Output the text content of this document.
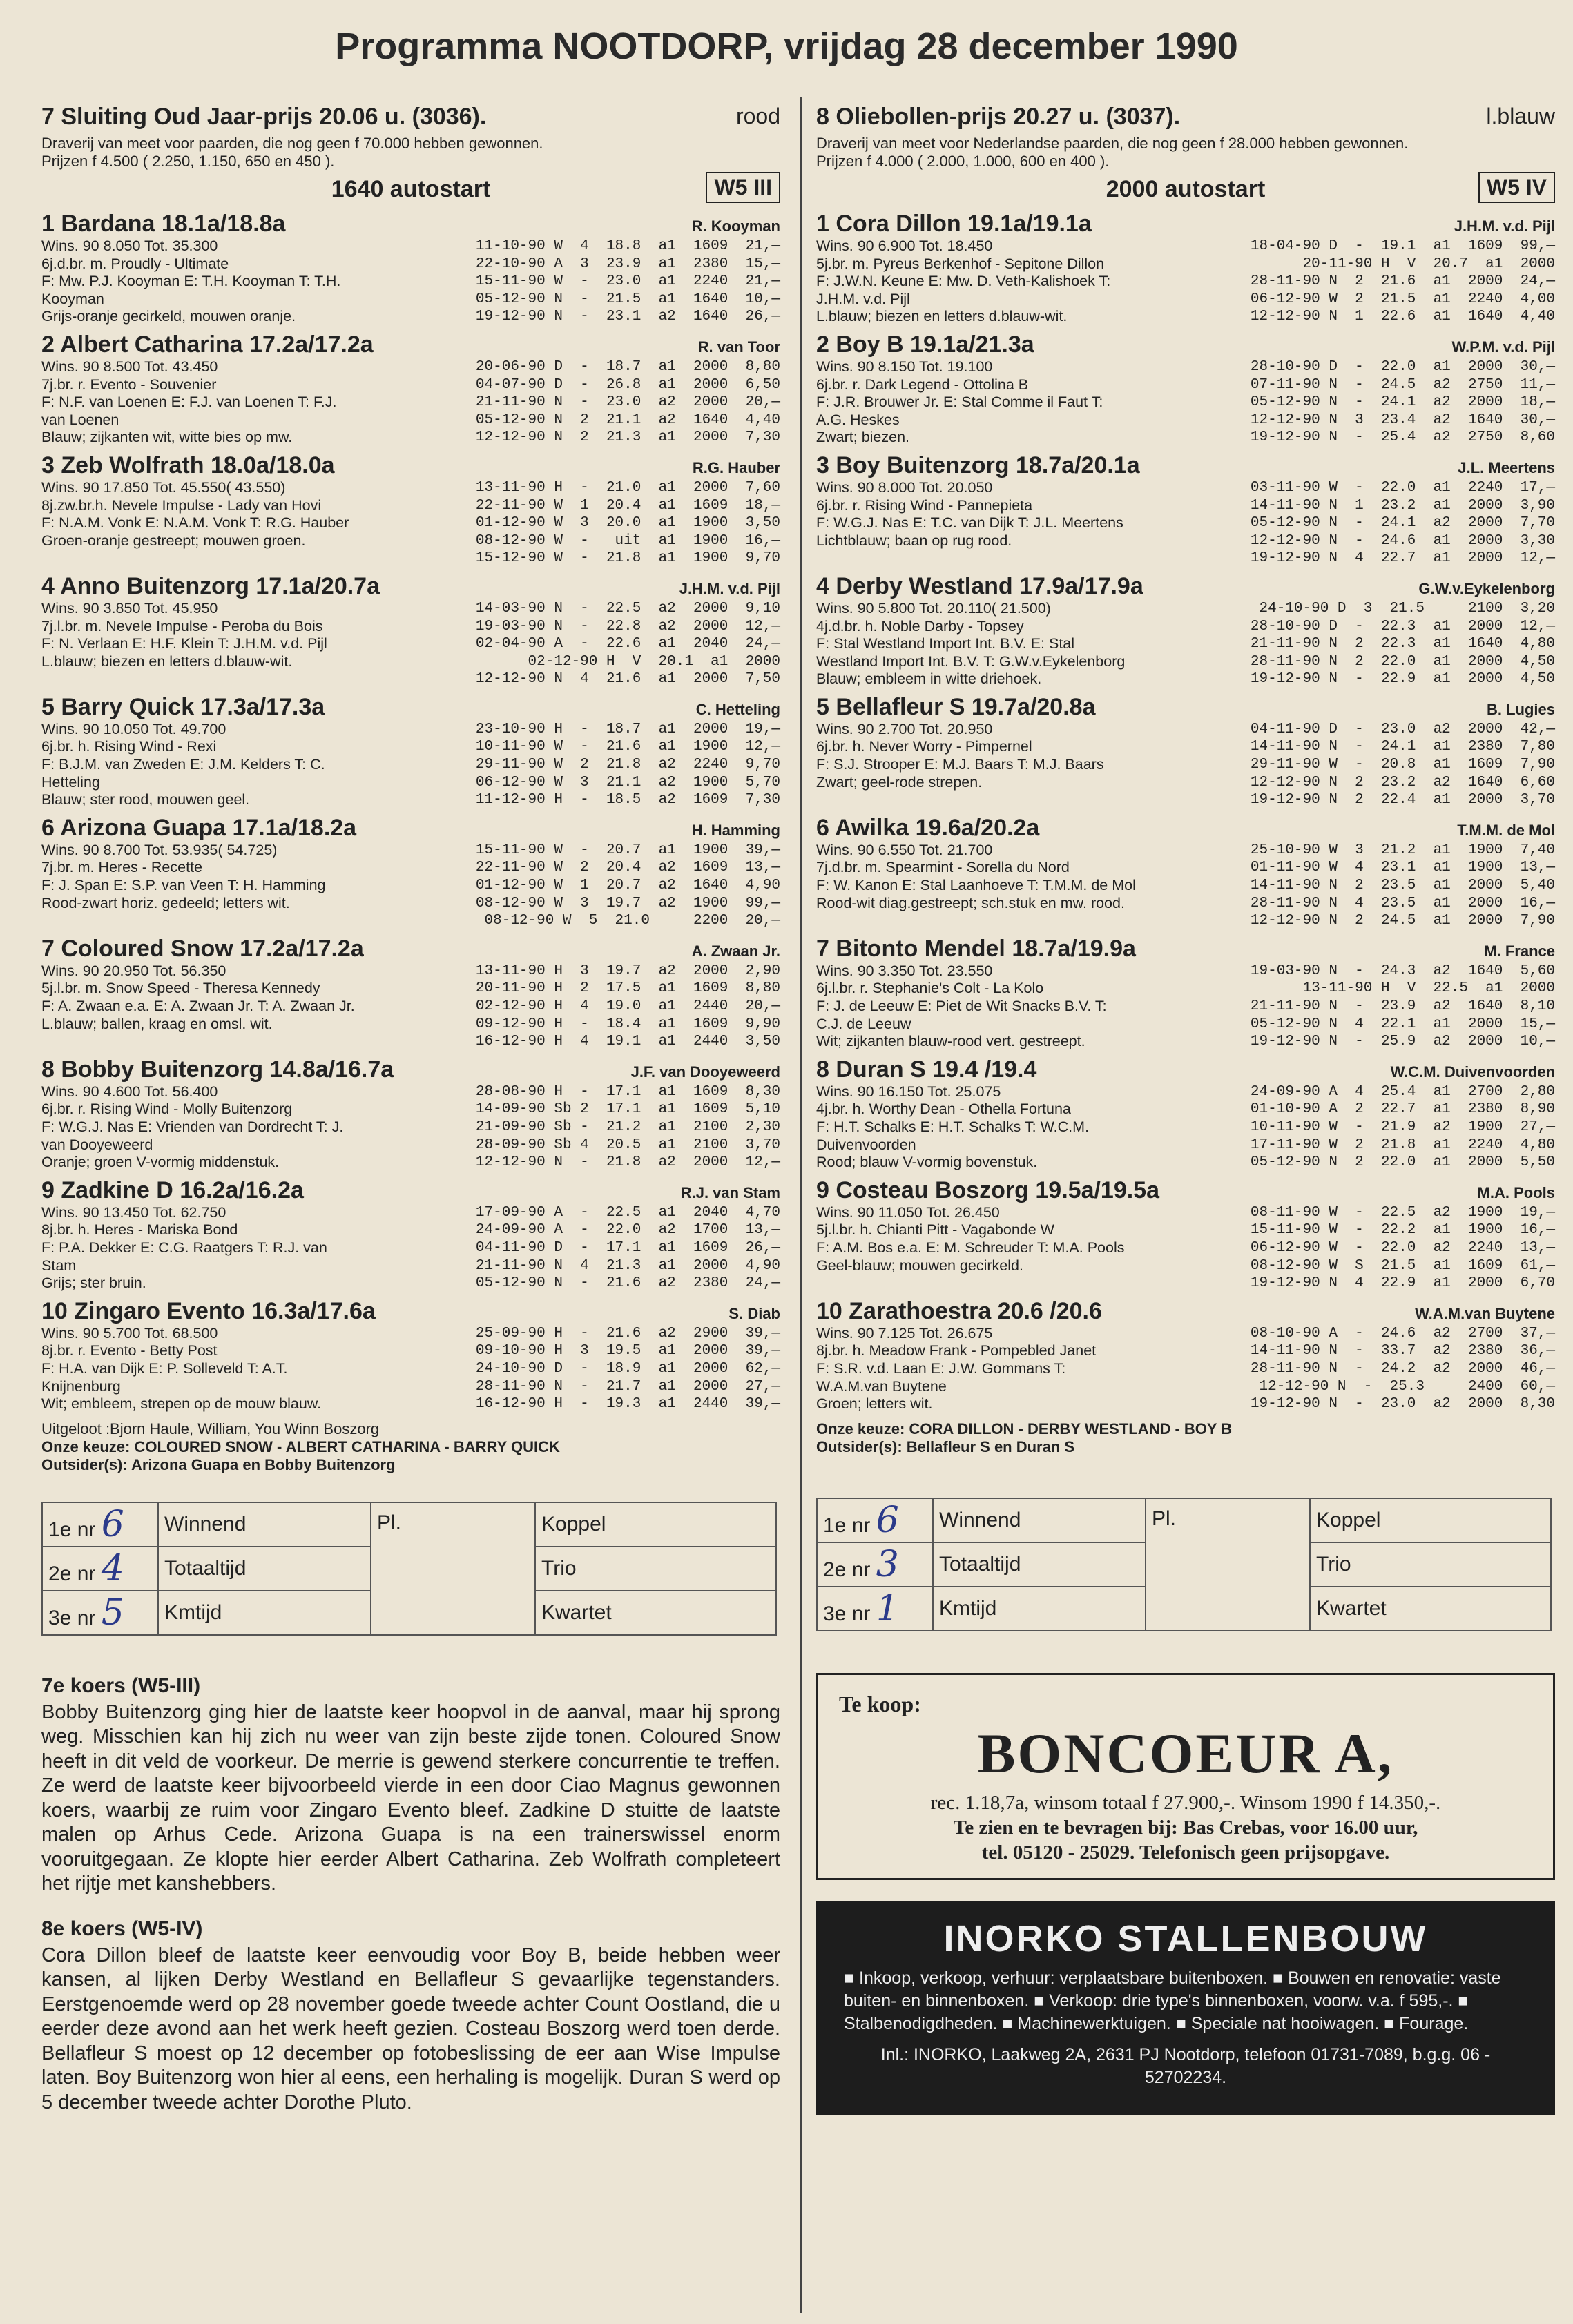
Programma NOOTDORP, vrijdag 28 december 1990
7 Sluiting Oud Jaar-prijs 20.06 u. (3036).	rood
Draverij van meet voor paarden, die nog geen f 70.000 hebben gewonnen.
Prijzen f 4.500 ( 2.250, 1.150, 650 en 450 ).
1640 autostart	W5 III
1 Bardana 18.1a/18.8a	R. Kooyman
Wins. 90 8.050 Tot. 35.300
6j.d.br. m. Proudly - Ultimate
F: Mw. P.J. Kooyman E: T.H. Kooyman T: T.H.
Kooyman
Grijs-oranje gecirkeld, mouwen oranje.
11-10-90 W  4  18.8  a1  1609  21,—
22-10-90 A  3  23.9  a1  2380  15,—
15-11-90 W  -  23.0  a1  2240  21,—
05-12-90 N  -  21.5  a1  1640  10,—
19-12-90 N  -  23.1  a2  1640  26,—
2 Albert Catharina 17.2a/17.2a	R. van Toor
Wins. 90 8.500 Tot. 43.450
7j.br. r. Evento - Souvenier
F: N.F. van Loenen E: F.J. van Loenen T: F.J.
van Loenen
Blauw; zijkanten wit, witte bies op mw.
20-06-90 D  -  18.7  a1  2000  8,80
04-07-90 D  -  26.8  a1  2000  6,50
21-11-90 N  -  23.0  a2  2000  20,—
05-12-90 N  2  21.1  a2  1640  4,40
12-12-90 N  2  21.3  a1  2000  7,30
3 Zeb Wolfrath 18.0a/18.0a	R.G. Hauber
Wins. 90 17.850 Tot. 45.550( 43.550)
8j.zw.br.h. Nevele Impulse - Lady van Hovi
F: N.A.M. Vonk E: N.A.M. Vonk T: R.G. Hauber
Groen-oranje gestreept; mouwen groen.
13-11-90 H  -  21.0  a1  2000  7,60
22-11-90 W  1  20.4  a1  1609  18,—
01-12-90 W  3  20.0  a1  1900  3,50
08-12-90 W  -   uit  a1  1900  16,—
15-12-90 W  -  21.8  a1  1900  9,70
4 Anno Buitenzorg 17.1a/20.7a	J.H.M. v.d. Pijl
Wins. 90 3.850 Tot. 45.950
7j.l.br. m. Nevele Impulse - Peroba du Bois
F: N. Verlaan E: H.F. Klein T: J.H.M. v.d. Pijl
L.blauw; biezen en letters d.blauw-wit.
14-03-90 N  -  22.5  a2  2000  9,10
19-03-90 N  -  22.8  a2  2000  12,—
02-04-90 A  -  22.6  a1  2040  24,—
02-12-90 H  V  20.1  a1  2000
12-12-90 N  4  21.6  a1  2000  7,50
5 Barry Quick 17.3a/17.3a	C. Hetteling
Wins. 90 10.050 Tot. 49.700
6j.br. h. Rising Wind - Rexi
F: B.J.M. van Zweden E: J.M. Kelders T: C.
Hetteling
Blauw; ster rood, mouwen geel.
23-10-90 H  -  18.7  a1  2000  19,—
10-11-90 W  -  21.6  a1  1900  12,—
29-11-90 W  2  21.8  a2  2240  9,70
06-12-90 W  3  21.1  a2  1900  5,70
11-12-90 H  -  18.5  a2  1609  7,30
6 Arizona Guapa 17.1a/18.2a	H. Hamming
Wins. 90 8.700 Tot. 53.935( 54.725)
7j.br. m. Heres - Recette
F: J. Span E: S.P. van Veen T: H. Hamming
Rood-zwart horiz. gedeeld; letters wit.
15-11-90 W  -  20.7  a1  1900  39,—
22-11-90 W  2  20.4  a2  1609  13,—
01-12-90 W  1  20.7  a2  1640  4,90
08-12-90 W  3  19.7  a2  1900  99,—
08-12-90 W  5  21.0     2200  20,—
7 Coloured Snow 17.2a/17.2a	A. Zwaan Jr.
Wins. 90 20.950 Tot. 56.350
5j.l.br. m. Snow Speed - Theresa Kennedy
F: A. Zwaan e.a. E: A. Zwaan Jr. T: A. Zwaan Jr.
L.blauw; ballen, kraag en omsl. wit.
13-11-90 H  3  19.7  a2  2000  2,90
20-11-90 H  2  17.5  a1  1609  8,80
02-12-90 H  4  19.0  a1  2440  20,—
09-12-90 H  -  18.4  a1  1609  9,90
16-12-90 H  4  19.1  a1  2440  3,50
8 Bobby Buitenzorg 14.8a/16.7a	J.F. van Dooyeweerd
Wins. 90 4.600 Tot. 56.400
6j.br. r. Rising Wind - Molly Buitenzorg
F: W.G.J. Nas E: Vrienden van Dordrecht T: J.
van Dooyeweerd
Oranje; groen V-vormig middenstuk.
28-08-90 H  -  17.1  a1  1609  8,30
14-09-90 Sb 2  17.1  a1  1609  5,10
21-09-90 Sb -  21.2  a1  2100  2,30
28-09-90 Sb 4  20.5  a1  2100  3,70
12-12-90 N  -  21.8  a2  2000  12,—
9 Zadkine D 16.2a/16.2a	R.J. van Stam
Wins. 90 13.450 Tot. 62.750
8j.br. h. Heres - Mariska Bond
F: P.A. Dekker E: C.G. Raatgers T: R.J. van
Stam
Grijs; ster bruin.
17-09-90 A  -  22.5  a1  2040  4,70
24-09-90 A  -  22.0  a2  1700  13,—
04-11-90 D  -  17.1  a1  1609  26,—
21-11-90 N  4  21.3  a1  2000  4,90
05-12-90 N  -  21.6  a2  2380  24,—
10 Zingaro Evento 16.3a/17.6a	S. Diab
Wins. 90 5.700 Tot. 68.500
8j.br. r. Evento - Betty Post
F: H.A. van Dijk E: P. Solleveld T: A.T.
Knijnenburg
Wit; embleem, strepen op de mouw blauw.
25-09-90 H  -  21.6  a2  2900  39,—
09-10-90 H  3  19.5  a1  2000  39,—
24-10-90 D  -  18.9  a1  2000  62,—
28-11-90 N  -  21.7  a1  2000  27,—
16-12-90 H  -  19.3  a1  2440  39,—
Uitgeloot :Bjorn Haule, William, You Winn Boszorg
Onze keuze: COLOURED SNOW - ALBERT CATHARINA - BARRY QUICK
Outsider(s): Arizona Guapa en Bobby Buitenzorg
1e nr 6	Winnend	Pl.	Koppel
2e nr 4	Totaaltijd		Trio
3e nr 5	Kmtijd		Kwartet
7e koers (W5-III)

Bobby Buitenzorg ging hier de laatste keer hoopvol in de aanval, maar hij sprong weg. Misschien kan hij zich nu weer van zijn beste zijde tonen. Coloured Snow heeft in dit veld de voorkeur. De merrie is gewend sterkere concurrentie te treffen. Ze werd de laatste keer bijvoorbeeld vierde in een door Ciao Magnus gewonnen koers, waarbij ze ruim voor Zingaro Evento bleef. Zadkine D stuitte de laatste malen op Arhus Cede. Arizona Guapa is na een trainerswissel enorm vooruitgegaan. Ze klopte hier eerder Albert Catharina. Zeb Wolfrath completeert het rijtje met kanshebbers.

8e koers (W5-IV)

Cora Dillon bleef de laatste keer eenvoudig voor Boy B, beide hebben weer kansen, al lijken Derby Westland en Bellafleur S gevaarlijke tegenstanders. Eerstgenoemde werd op 28 november goede tweede achter Count Oostland, die u eerder deze avond aan het werk heeft gezien. Costeau Boszorg werd toen derde. Bellafleur S moest op 12 december op fotobeslissing de eer aan Wise Impulse laten. Boy Buitenzorg won hier al eens, een herhaling is mogelijk. Duran S werd op 5 december tweede achter Dorothe Pluto.

8 Oliebollen-prijs 20.27 u. (3037).	l.blauw
Draverij van meet voor Nederlandse paarden, die nog geen f 28.000 hebben gewonnen.
Prijzen f 4.000 ( 2.000, 1.000, 600 en 400 ).
2000 autostart	W5 IV
1 Cora Dillon 19.1a/19.1a	J.H.M. v.d. Pijl
Wins. 90 6.900 Tot. 18.450
5j.br. m. Pyreus Berkenhof - Sepitone Dillon
F: J.W.N. Keune E: Mw. D. Veth-Kalishoek T:
J.H.M. v.d. Pijl
L.blauw; biezen en letters d.blauw-wit.
18-04-90 D  -  19.1  a1  1609  99,—
20-11-90 H  V  20.7  a1  2000
28-11-90 N  2  21.6  a1  2000  24,—
06-12-90 W  2  21.5  a1  2240  4,00
12-12-90 N  1  22.6  a1  1640  4,40
2 Boy B 19.1a/21.3a	W.P.M. v.d. Pijl
Wins. 90 8.150 Tot. 19.100
6j.br. r. Dark Legend - Ottolina B
F: J.R. Brouwer Jr. E: Stal Comme il Faut T:
A.G. Heskes
Zwart; biezen.
28-10-90 D  -  22.0  a1  2000  30,—
07-11-90 N  -  24.5  a2  2750  11,—
05-12-90 N  -  24.1  a2  2000  18,—
12-12-90 N  3  23.4  a2  1640  30,—
19-12-90 N  -  25.4  a2  2750  8,60
3 Boy Buitenzorg 18.7a/20.1a	J.L. Meertens
Wins. 90 8.000 Tot. 20.050
6j.br. r. Rising Wind - Pannepieta
F: W.G.J. Nas E: T.C. van Dijk T: J.L. Meertens
Lichtblauw; baan op rug rood.
03-11-90 W  -  22.0  a1  2240  17,—
14-11-90 N  1  23.2  a1  2000  3,90
05-12-90 N  -  24.1  a2  2000  7,70
12-12-90 N  -  24.6  a1  2000  3,30
19-12-90 N  4  22.7  a1  2000  12,—
4 Derby Westland 17.9a/17.9a	G.W.v.Eykelenborg
Wins. 90 5.800 Tot. 20.110( 21.500)
4j.d.br. h. Noble Darby - Topsey
F: Stal Westland Import Int. B.V. E: Stal
Westland Import Int. B.V. T: G.W.v.Eykelenborg
Blauw; embleem in witte driehoek.
24-10-90 D  3  21.5     2100  3,20
28-10-90 D  -  22.3  a1  2000  12,—
21-11-90 N  2  22.3  a1  1640  4,80
28-11-90 N  2  22.0  a1  2000  4,50
19-12-90 N  -  22.9  a1  2000  4,50
5 Bellafleur S 19.7a/20.8a	B. Lugies
Wins. 90 2.700 Tot. 20.950
6j.br. h. Never Worry - Pimpernel
F: S.J. Strooper E: M.J. Baars T: M.J. Baars
Zwart; geel-rode strepen.
04-11-90 D  -  23.0  a2  2000  42,—
14-11-90 N  -  24.1  a1  2380  7,80
29-11-90 W  -  20.8  a1  1609  7,90
12-12-90 N  2  23.2  a2  1640  6,60
19-12-90 N  2  22.4  a1  2000  3,70
6 Awilka 19.6a/20.2a	T.M.M. de Mol
Wins. 90 6.550 Tot. 21.700
7j.d.br. m. Spearmint - Sorella du Nord
F: W. Kanon E: Stal Laanhoeve T: T.M.M. de Mol
Rood-wit diag.gestreept; sch.stuk en mw. rood.
25-10-90 W  3  21.2  a1  1900  7,40
01-11-90 W  4  23.1  a1  1900  13,—
14-11-90 N  2  23.5  a1  2000  5,40
28-11-90 N  4  23.5  a1  2000  16,—
12-12-90 N  2  24.5  a1  2000  7,90
7 Bitonto Mendel 18.7a/19.9a	M. France
Wins. 90 3.350 Tot. 23.550
6j.l.br. r. Stephanie's Colt - La Kolo
F: J. de Leeuw E: Piet de Wit Snacks B.V. T:
C.J. de Leeuw
Wit; zijkanten blauw-rood vert. gestreept.
19-03-90 N  -  24.3  a2  1640  5,60
13-11-90 H  V  22.5  a1  2000
21-11-90 N  -  23.9  a2  1640  8,10
05-12-90 N  4  22.1  a1  2000  15,—
19-12-90 N  -  25.9  a2  2000  10,—
8 Duran S 19.4 /19.4	W.C.M. Duivenvoorden
Wins. 90 16.150 Tot. 25.075
4j.br. h. Worthy Dean - Othella Fortuna
F: H.T. Schalks E: H.T. Schalks T: W.C.M.
Duivenvoorden
Rood; blauw V-vormig bovenstuk.
24-09-90 A  4  25.4  a1  2700  2,80
01-10-90 A  2  22.7  a1  2380  8,90
10-11-90 W  -  21.9  a2  1900  27,—
17-11-90 W  2  21.8  a1  2240  4,80
05-12-90 N  2  22.0  a1  2000  5,50
9 Costeau Boszorg 19.5a/19.5a	M.A. Pools
Wins. 90 11.050 Tot. 26.450
5j.l.br. h. Chianti Pitt - Vagabonde W
F: A.M. Bos e.a. E: M. Schreuder T: M.A. Pools
Geel-blauw; mouwen gecirkeld.
08-11-90 W  -  22.5  a2  1900  19,—
15-11-90 W  -  22.2  a1  1900  16,—
06-12-90 W  -  22.0  a2  2240  13,—
08-12-90 W  S  21.5  a1  1609  61,—
19-12-90 N  4  22.9  a1  2000  6,70
10 Zarathoestra 20.6 /20.6	W.A.M.van Buytene
Wins. 90 7.125 Tot. 26.675
8j.br. h. Meadow Frank - Pompebled Janet
F: S.R. v.d. Laan E: J.W. Gommans T:
W.A.M.van Buytene
Groen; letters wit.
08-10-90 A  -  24.6  a2  2700  37,—
14-11-90 N  -  33.7  a2  2380  36,—
28-11-90 N  -  24.2  a2  2000  46,—
12-12-90 N  -  25.3     2400  60,—
19-12-90 N  -  23.0  a2  2000  8,30
Onze keuze: CORA DILLON - DERBY WESTLAND - BOY B
Outsider(s): Bellafleur S en Duran S
1e nr 6	Winnend	Pl.	Koppel
2e nr 3	Totaaltijd		Trio
3e nr 1	Kmtijd		Kwartet
Te koop:
BONCOEUR A,
rec. 1.18,7a, winsom totaal f 27.900,-. Winsom 1990 f 14.350,-.
Te zien en te bevragen bij: Bas Crebas, voor 16.00 uur,
tel. 05120 - 25029. Telefonisch geen prijsopgave.
INORKO STALLENBOUW
■ Inkoop, verkoop, verhuur: verplaatsbare buitenboxen. ■ Bouwen en renovatie: vaste buiten- en binnenboxen. ■ Verkoop: drie type's binnenboxen, voorw. v.a. f 595,-. ■ Stalbenodigdheden. ■ Machinewerktuigen. ■ Speciale nat hooiwagen. ■ Fourage.
Inl.: INORKO, Laakweg 2A, 2631 PJ Nootdorp, telefoon 01731-7089, b.g.g. 06 - 52702234.
